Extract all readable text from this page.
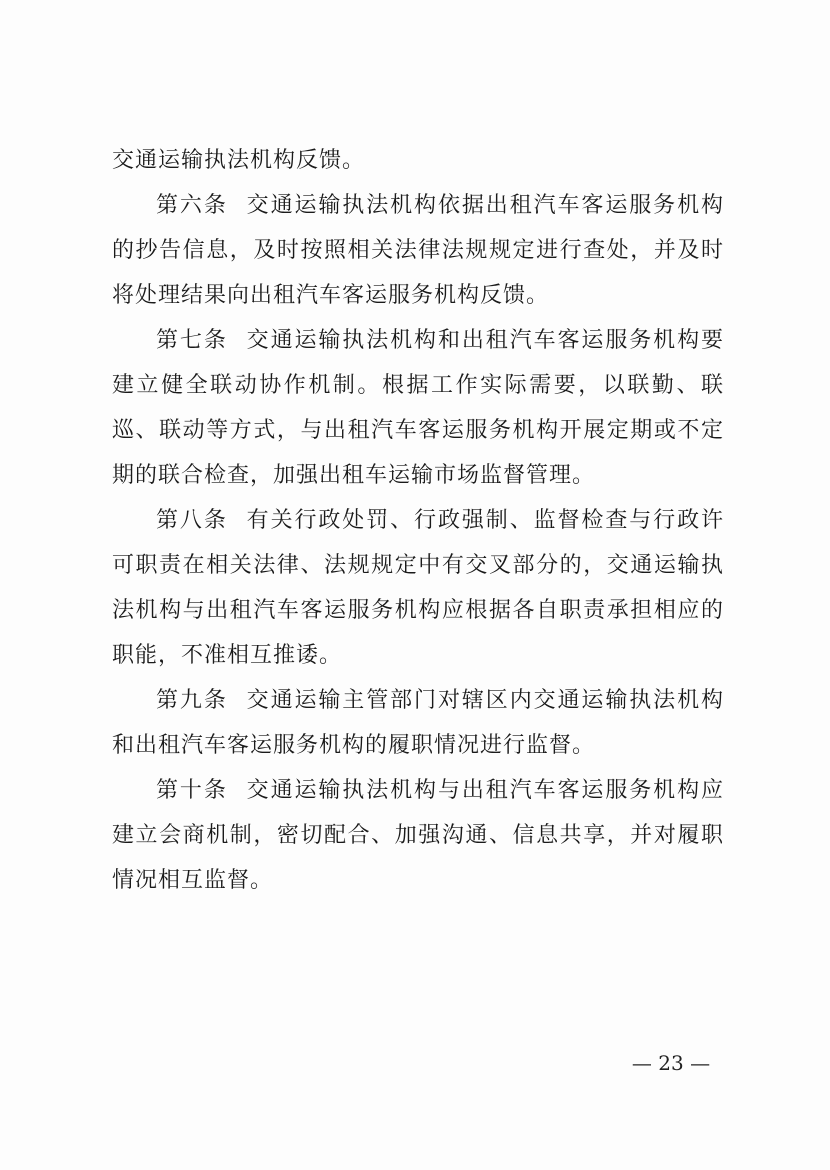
交通运输执法机构反馈。

第六条 交通运输执法机构依据出租汽车客运服务机构的抄告信息，及时按照相关法律法规规定进行查处，并及时将处理结果向出租汽车客运服务机构反馈。

第七条 交通运输执法机构和出租汽车客运服务机构要建立健全联动协作机制。根据工作实际需要，以联勤、联巡、联动等方式，与出租汽车客运服务机构开展定期或不定期的联合检查，加强出租车运输市场监督管理。

第八条 有关行政处罚、行政强制、监督检查与行政许可职责在相关法律、法规规定中有交叉部分的，交通运输执法机构与出租汽车客运服务机构应根据各自职责承担相应的职能，不准相互推诿。

第九条 交通运输主管部门对辖区内交通运输执法机构和出租汽车客运服务机构的履职情况进行监督。

第十条 交通运输执法机构与出租汽车客运服务机构应建立会商机制，密切配合、加强沟通、信息共享，并对履职情况相互监督。

— 23 —
